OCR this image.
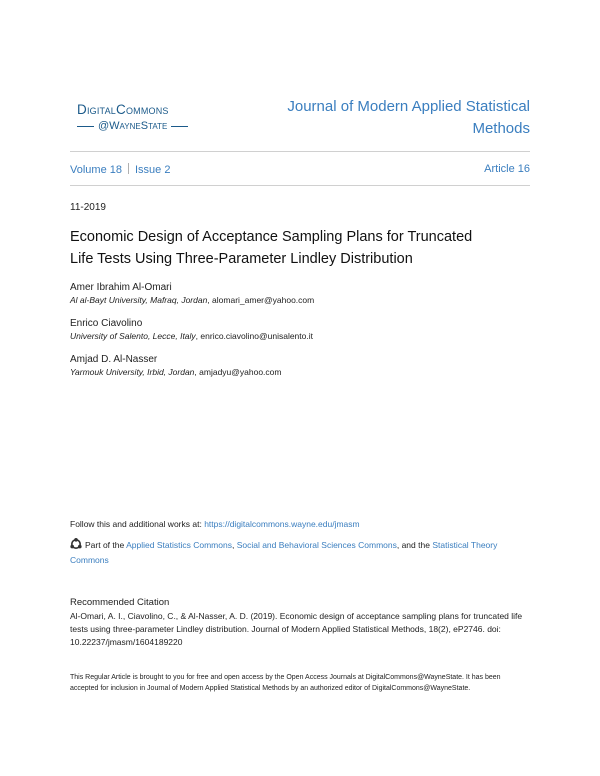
DigitalCommons
@WayneState
Journal of Modern Applied Statistical
Methods
Volume 18 Issue 2	Article 16
11-2019
Economic Design of Acceptance Sampling Plans for Truncated
Life Tests Using Three-Parameter Lindley Distribution
Amer Ibrahim Al-Omari
Al al-Bayt University, Mafraq, Jordan, alomari_amer@yahoo.com
Enrico Ciavolino
University of Salento, Lecce, Italy, enrico.ciavolino@unisalento.it
Amjad D. Al-Nasser
Yarmouk University, Irbid, Jordan, amjadyu@yahoo.com
Follow this and additional works at: https://digitalcommons.wayne.edu/jmasm
Part of the Applied Statistics Commons, Social and Behavioral Sciences Commons, and the Statistical Theory Commons
Recommended Citation
Al-Omari, A. I., Ciavolino, C., & Al-Nasser, A. D. (2019). Economic design of acceptance sampling plans for truncated life tests using three-parameter Lindley distribution. Journal of Modern Applied Statistical Methods, 18(2), eP2746. doi: 10.22237/jmasm/1604189220
This Regular Article is brought to you for free and open access by the Open Access Journals at DigitalCommons@WayneState. It has been accepted for inclusion in Journal of Modern Applied Statistical Methods by an authorized editor of DigitalCommons@WayneState.
